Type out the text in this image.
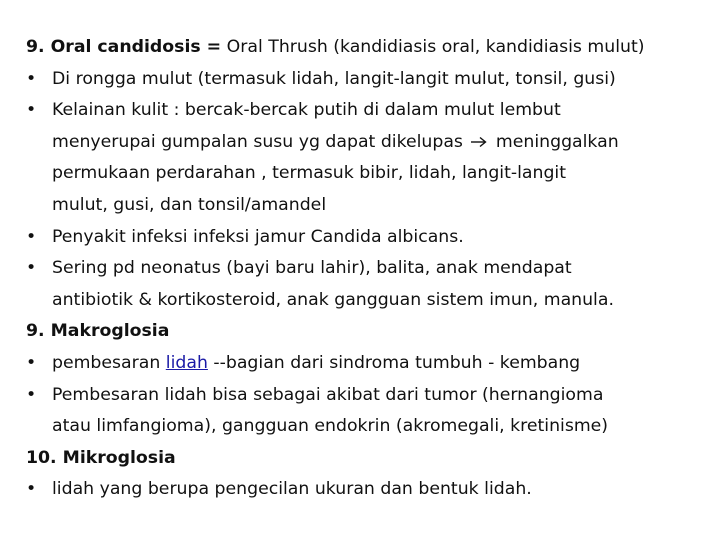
9. Oral candidosis = Oral Thrush (kandidiasis oral, kandidiasis mulut)
• Di rongga mulut (termasuk lidah, langit-langit mulut, tonsil, gusi)
• Kelainan kulit : bercak-bercak putih di dalam mulut lembut
menyerupai gumpalan susu yg dapat dikelupas  meninggalkan
permukaan perdarahan , termasuk bibir, lidah, langit-langit
mulut, gusi, dan tonsil/amandel
• Penyakit infeksi infeksi jamur Candida albicans.
• Sering pd neonatus (bayi baru lahir), balita, anak mendapat
antibiotik & kortikosteroid, anak gangguan sistem imun, manula.
9. Makroglosia
• pembesaran lidah --bagian dari sindroma tumbuh - kembang
• Pembesaran lidah bisa sebagai akibat dari tumor (hernangioma
atau limfangioma), gangguan endokrin (akromegali, kretinisme)
10. Mikroglosia
• lidah yang berupa pengecilan ukuran dan bentuk lidah.
